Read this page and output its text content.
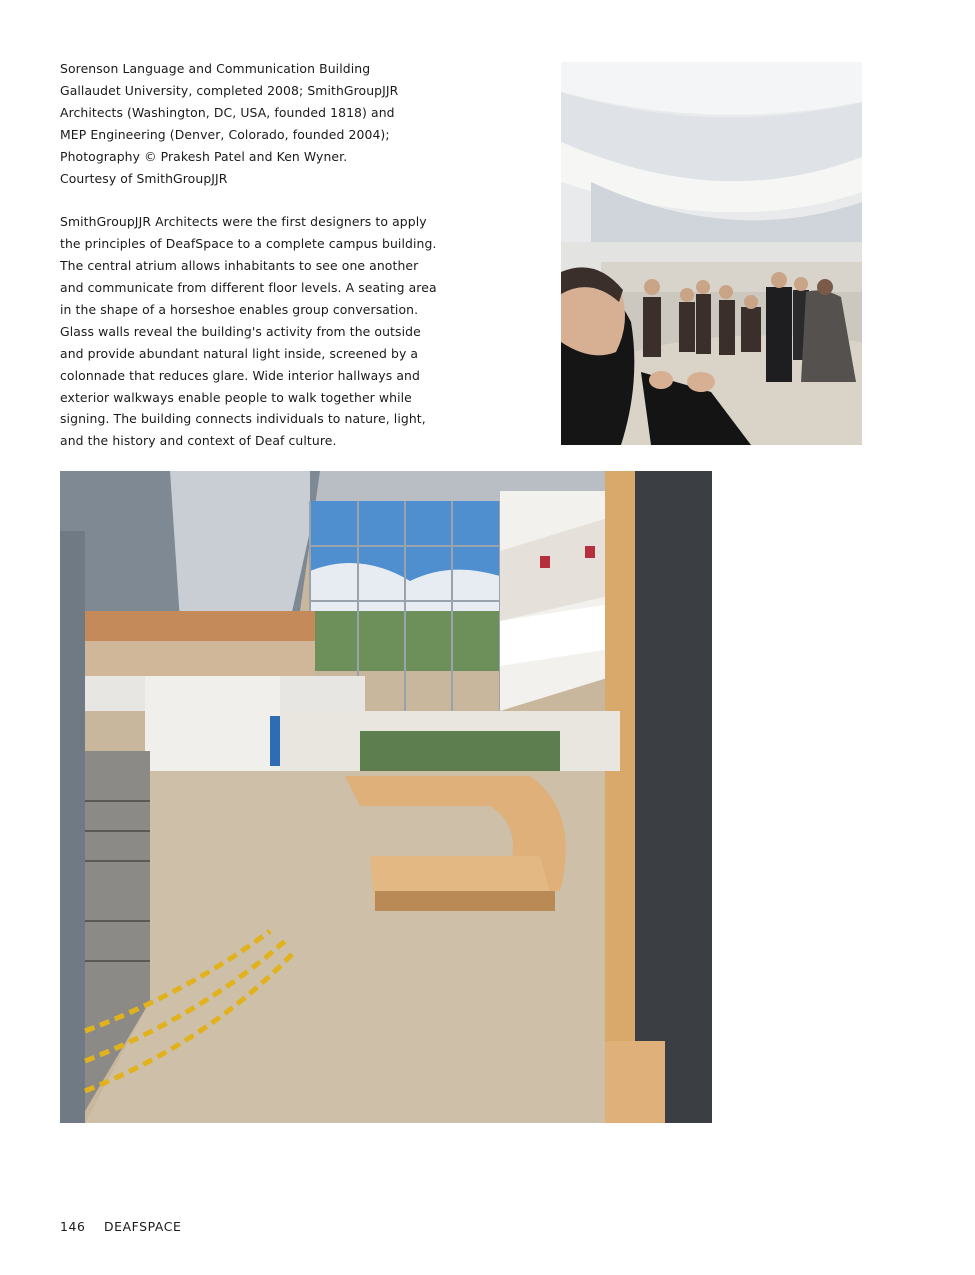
Sorenson Language and Communication Building
Gallaudet University, completed 2008; SmithGroupJJR
Architects (Washington, DC, USA, founded 1818) and
MEP Engineering (Denver, Colorado, founded 2004);
Photography © Prakesh Patel and Ken Wyner.
Courtesy of SmithGroupJJR
SmithGroupJJR Architects were the first designers to apply
the principles of DeafSpace to a complete campus building.
The central atrium allows inhabitants to see one another
and communicate from different floor levels. A seating area
in the shape of a horseshoe enables group conversation.
Glass walls reveal the building's activity from the outside
and provide abundant natural light inside, screened by a
colonnade that reduces glare. Wide interior hallways and
exterior walkways enable people to walk together while
signing. The building connects individuals to nature, light,
and the history and context of Deaf culture.
146 DEAFSPACE
